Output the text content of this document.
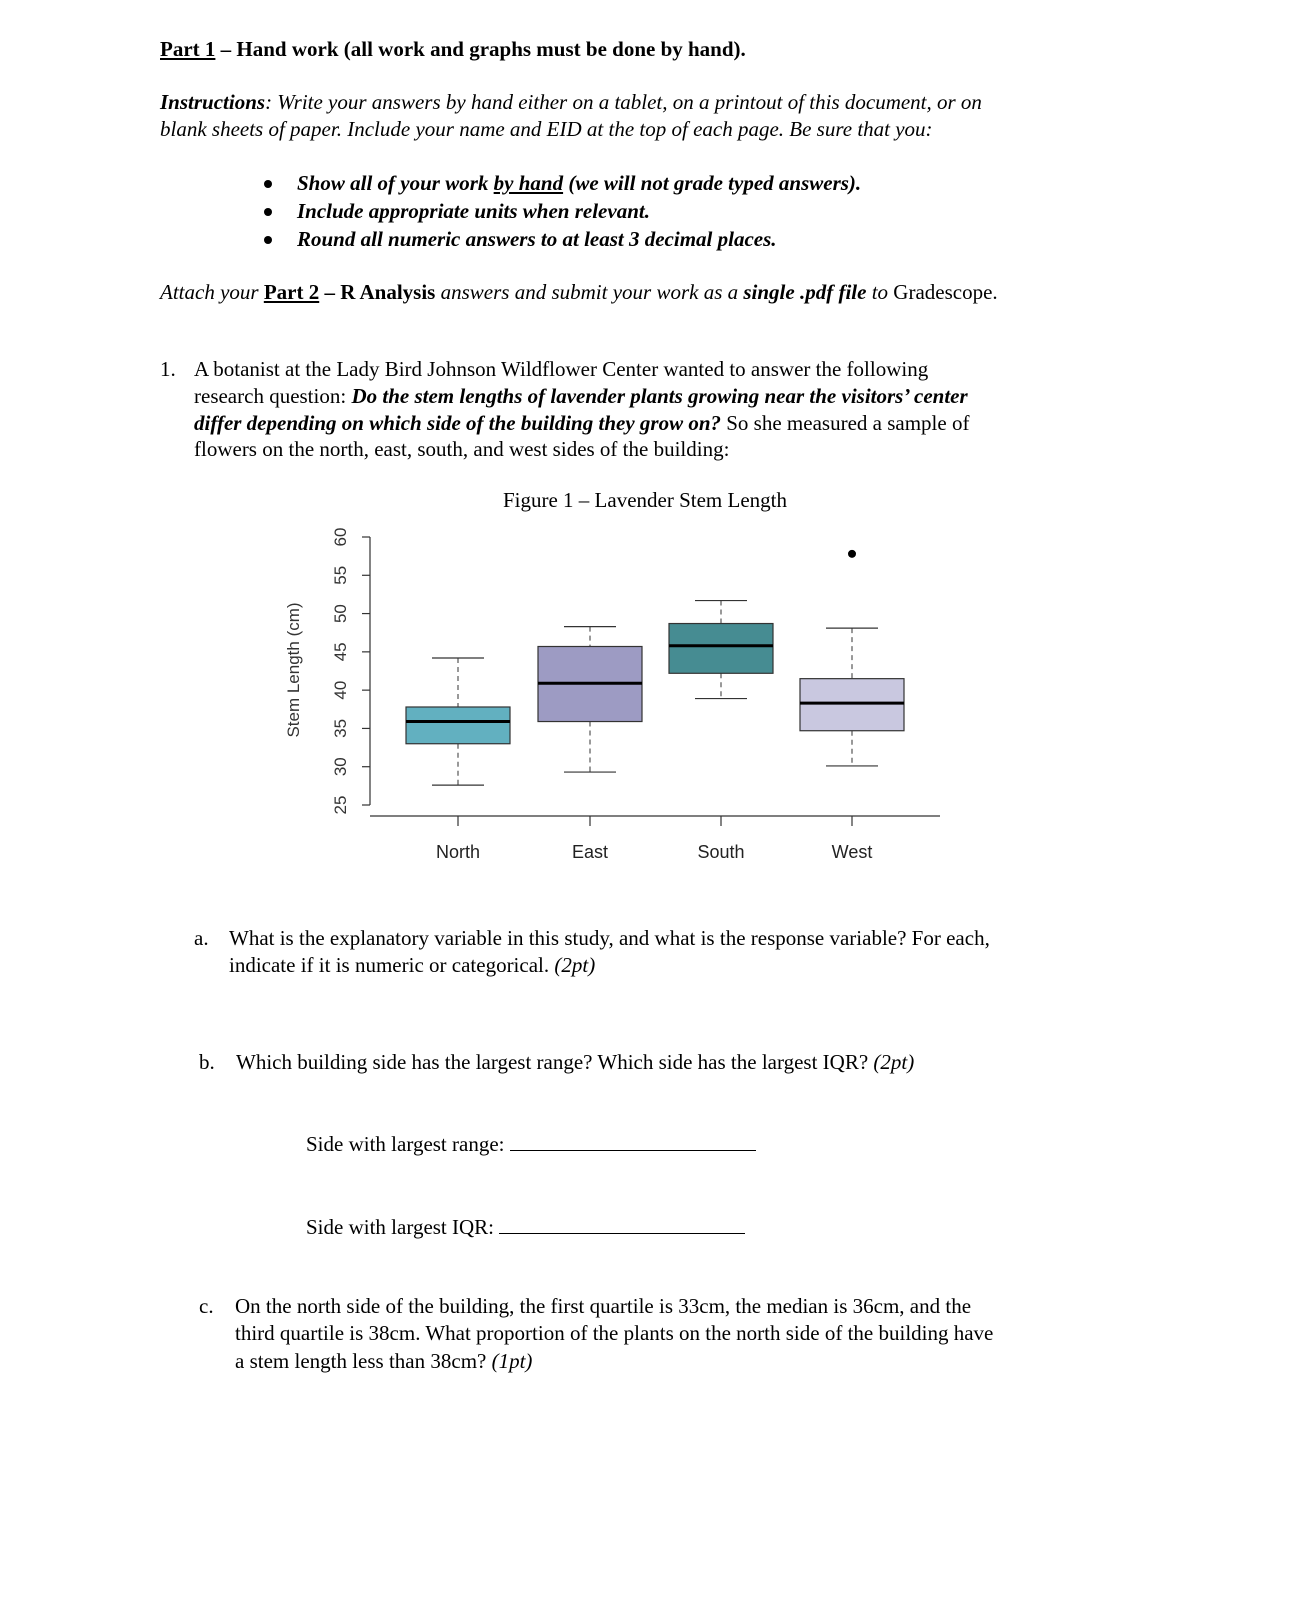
Part 1 – Hand work (all work and graphs must be done by hand).
Instructions: Write your answers by hand either on a tablet, on a printout of this document, or on
blank sheets of paper. Include your name and EID at the top of each page. Be sure that you:
Show all of your work by hand (we will not grade typed answers).
Include appropriate units when relevant.
Round all numeric answers to at least 3 decimal places.
Attach your Part 2 – R Analysis answers and submit your work as a single .pdf file to Gradescope.
1. A botanist at the Lady Bird Johnson Wildflower Center wanted to answer the following
research question: Do the stem lengths of lavender plants growing near the visitors’ center
differ depending on which side of the building they grow on? So she measured a sample of
flowers on the north, east, south, and west sides of the building:
Figure 1 – Lavender Stem Length
25
30
35
40
45
50
55
60
Stem Length (cm)
North	East	South	West
a. What is the explanatory variable in this study, and what is the response variable? For each,
indicate if it is numeric or categorical. (2pt)
b. Which building side has the largest range? Which side has the largest IQR? (2pt)
Side with largest range:
Side with largest IQR:
c. On the north side of the building, the first quartile is 33cm, the median is 36cm, and the
third quartile is 38cm. What proportion of the plants on the north side of the building have
a stem length less than 38cm? (1pt)
